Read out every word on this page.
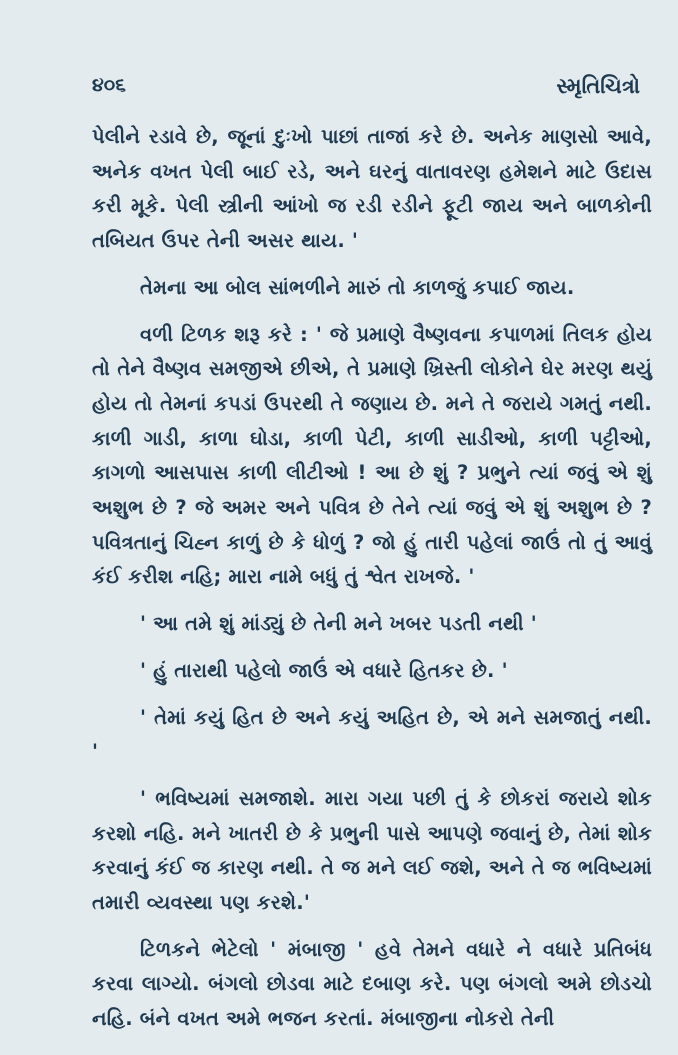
૪૦૬	સ્મૃતિચિત્રો

પેલીને રડાવે છે, જૂનાં દુઃખો પાછાં તાજાં કરે છે. અનેક માણસો આવે, અનેક વખત પેલી બાઈ રડે, અને ઘરનું વાતાવરણ હમેશને માટે ઉદાસ કરી મૂકે. પેલી સ્ત્રીની આંખો જ રડી રડીને ફૂટી જાય અને બાળકોની તબિયત ઉપર તેની અસર થાય. '

તેમના આ બોલ સાંભળીને મારું તો કાળજું કપાઈ જાય.

વળી ટિળક શરૂ કરે : ' જે પ્રમાણે વૈષ્ણવના કપાળમાં તિલક હોય તો તેને વૈષ્ણવ સમજીએ છીએ, તે પ્રમાણે ખ્રિસ્તી લોકોને ઘેર મરણ થયું હોય તો તેમનાં કપડાં ઉપરથી તે જણાય છે. મને તે જરાયે ગમતું નથી. કાળી ગાડી, કાળા ઘોડા, કાળી પેટી, કાળી સાડીઓ, કાળી પટ્ટીઓ, કાગળો આસપાસ કાળી લીટીઓ ! આ છે શું ? પ્રભુને ત્યાં જવું એ શું અશુભ છે ? જે અમર અને પવિત્ર છે તેને ત્યાં જવું એ શું અશુભ છે ? પવિત્રતાનું ચિહ્ન કાળું છે કે ધોળું ? જો હું તારી પહેલાં જાઉં તો તું આવું કંઈ કરીશ નહિ; મારા નામે બધું તું શ્વેત રાખજે. '

' આ તમે શું માંડ્યું છે તેની મને ખબર પડતી નથી '

' હું તારાથી પહેલો જાઉં એ વધારે હિતકર છે. '

' તેમાં કયું હિત છે અને કયું અહિત છે, એ મને સમજાતું નથી. '

' ભવિષ્યમાં સમજાશે. મારા ગયા પછી તું કે છોકરાં જરાયે શોક કરશો નહિ. મને ખાતરી છે કે પ્રભુની પાસે આપણે જવાનું છે, તેમાં શોક કરવાનું કંઈ જ કારણ નથી. તે જ મને લઈ જશે, અને તે જ ભવિષ્યમાં તમારી વ્યવસ્થા પણ કરશે.'

ટિળકને ભેટેલો ' મંબાજી ' હવે તેમને વધારે ને વધારે પ્રતિબંધ કરવા લાગ્યો. બંગલો છોડવા માટે દબાણ કરે. પણ બંગલો અમે છોડચો નહિ. બંને વખત અમે ભજન કરતાં. મંબાજીના નોકરો તેની
